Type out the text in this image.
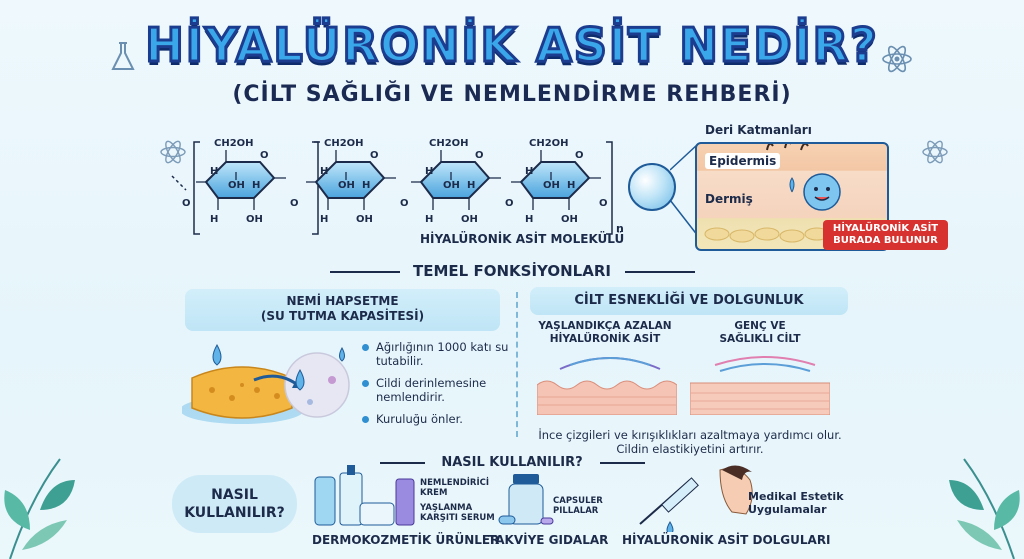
HİYALÜRONİK ASİT NEDİR?
(CİLT SAĞLIĞI VE NEMLENDİRME REHBERİ)
CH2OH
O
H
OH H
H	OH
O
CH2OH
O
H
OH H
H	OH
O
CH2OH
O
H
OH H
H	OH
O
CH2OH
O
H
OH H
H	OH
O
O
n
HİYALÜRONİK ASİT MOLEKÜLÜ
Deri Katmanları
Epidermis
Dermiş
HİYALÜRONİK ASİT
BURADA BULUNUR
TEMEL FONKSİYONLARI
NEMİ HAPSETME
(SU TUTMA KAPASİTESİ)
Ağırlığının 1000 katı su tutabilir.
Cildi derinlemesine nemlendirir.
Kuruluğu önler.
CİLT ESNEKLİĞİ VE DOLGUNLUK
YAŞLANDIKÇA AZALAN
HİYALÜRONİK ASİT
GENÇ VE
SAĞLIKLI CİLT
İnce çizgileri ve kırışıklıkları azaltmaya yardımcı olur.
Cildin elastikiyetini artırır.
NASIL KULLANILIR?
NASIL
KULLANILIR?
NEMLENDİRİCİ
KREM
YAŞLANMA
KARŞITI SERUM
DERMOKOZMETİK ÜRÜNLER
CAPSULER
PILLALAR
TAKVİYE GIDALAR
Medikal Estetik
Uygulamalar
HİYALÜRONİK ASİT DOLGULARI
